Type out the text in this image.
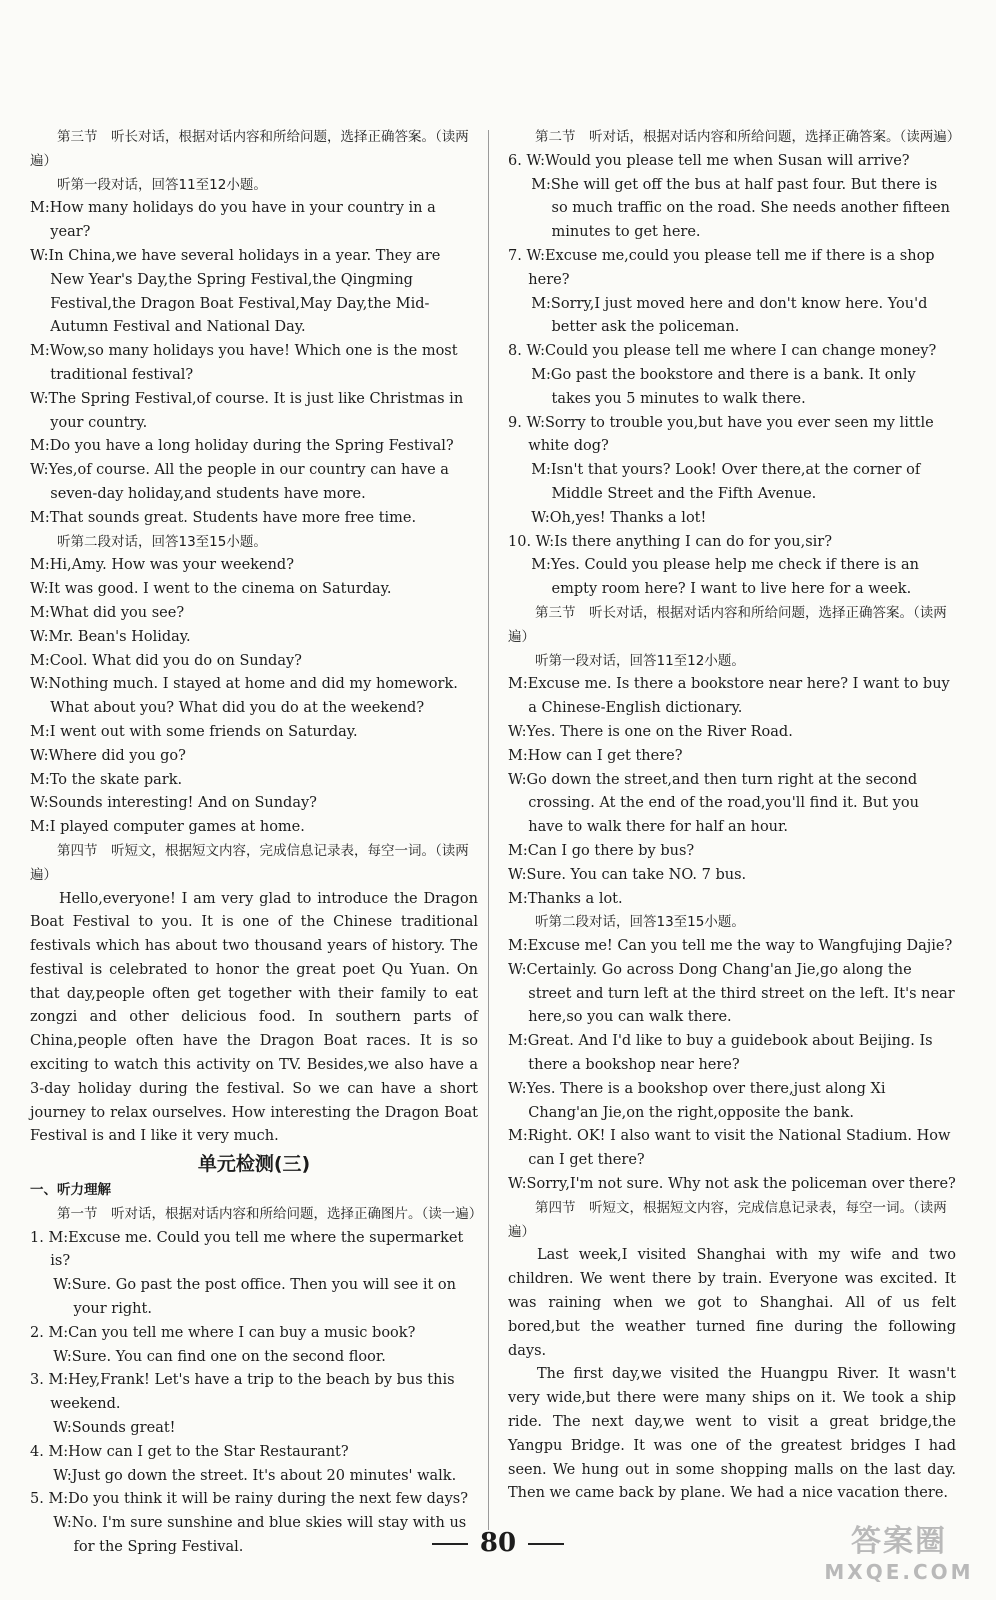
第三节　听长对话，根据对话内容和所给问题，选择正确答案。（读两遍）

听第一段对话，回答11至12小题。

M:How many holidays do you have in your country in a year?

W:In China,we have several holidays in a year. They are New Year's Day,the Spring Festival,the Qingming Festival,the Dragon Boat Festival,May Day,the Mid-Autumn Festival and National Day.

M:Wow,so many holidays you have! Which one is the most traditional festival?

W:The Spring Festival,of course. It is just like Christmas in your country.

M:Do you have a long holiday during the Spring Festival?

W:Yes,of course. All the people in our country can have a seven-day holiday,and students have more.

M:That sounds great. Students have more free time.

听第二段对话，回答13至15小题。

M:Hi,Amy. How was your weekend?

W:It was good. I went to the cinema on Saturday.

M:What did you see?

W:Mr. Bean's Holiday.

M:Cool. What did you do on Sunday?

W:Nothing much. I stayed at home and did my homework. What about you? What did you do at the weekend?

M:I went out with some friends on Saturday.

W:Where did you go?

M:To the skate park.

W:Sounds interesting! And on Sunday?

M:I played computer games at home.

第四节　听短文，根据短文内容，完成信息记录表，每空一词。（读两遍）

Hello,everyone! I am very glad to introduce the Dragon Boat Festival to you. It is one of the Chinese traditional festivals which has about two thousand years of history. The festival is celebrated to honor the great poet Qu Yuan. On that day,people often get together with their family to eat zongzi and other delicious food. In southern parts of China,people often have the Dragon Boat races. It is so exciting to watch this activity on TV. Besides,we also have a 3-day holiday during the festival. So we can have a short journey to relax ourselves. How interesting the Dragon Boat Festival is and I like it very much.

单元检测(三)

一、听力理解

第一节　听对话，根据对话内容和所给问题，选择正确图片。（读一遍）

1. M:Excuse me. Could you tell me where the supermarket is?

W:Sure. Go past the post office. Then you will see it on your right.

2. M:Can you tell me where I can buy a music book?

W:Sure. You can find one on the second floor.

3. M:Hey,Frank! Let's have a trip to the beach by bus this weekend.

W:Sounds great!

4. M:How can I get to the Star Restaurant?

W:Just go down the street. It's about 20 minutes' walk.

5. M:Do you think it will be rainy during the next few days?

W:No. I'm sure sunshine and blue skies will stay with us for the Spring Festival.

第二节　听对话，根据对话内容和所给问题，选择正确答案。（读两遍）

6. W:Would you please tell me when Susan will arrive?

M:She will get off the bus at half past four. But there is so much traffic on the road. She needs another fifteen minutes to get here.

7. W:Excuse me,could you please tell me if there is a shop here?

M:Sorry,I just moved here and don't know here. You'd better ask the policeman.

8. W:Could you please tell me where I can change money?

M:Go past the bookstore and there is a bank. It only takes you 5 minutes to walk there.

9. W:Sorry to trouble you,but have you ever seen my little white dog?

M:Isn't that yours? Look! Over there,at the corner of Middle Street and the Fifth Avenue.

W:Oh,yes! Thanks a lot!

10. W:Is there anything I can do for you,sir?

M:Yes. Could you please help me check if there is an empty room here? I want to live here for a week.

第三节　听长对话，根据对话内容和所给问题，选择正确答案。（读两遍）

听第一段对话，回答11至12小题。

M:Excuse me. Is there a bookstore near here? I want to buy a Chinese-English dictionary.

W:Yes. There is one on the River Road.

M:How can I get there?

W:Go down the street,and then turn right at the second crossing. At the end of the road,you'll find it. But you have to walk there for half an hour.

M:Can I go there by bus?

W:Sure. You can take NO. 7 bus.

M:Thanks a lot.

听第二段对话，回答13至15小题。

M:Excuse me! Can you tell me the way to Wangfujing Dajie?

W:Certainly. Go across Dong Chang'an Jie,go along the street and turn left at the third street on the left. It's near here,so you can walk there.

M:Great. And I'd like to buy a guidebook about Beijing. Is there a bookshop near here?

W:Yes. There is a bookshop over there,just along Xi Chang'an Jie,on the right,opposite the bank.

M:Right. OK! I also want to visit the National Stadium. How can I get there?

W:Sorry,I'm not sure. Why not ask the policeman over there?

第四节　听短文，根据短文内容，完成信息记录表，每空一词。（读两遍）

Last week,I visited Shanghai with my wife and two children. We went there by train. Everyone was excited. It was raining when we got to Shanghai. All of us felt bored,but the weather turned fine during the following days.

The first day,we visited the Huangpu River. It wasn't very wide,but there were many ships on it. We took a ship ride. The next day,we went to visit a great bridge,the Yangpu Bridge. It was one of the greatest bridges I had seen. We hung out in some shopping malls on the last day. Then we came back by plane. We had a nice vacation there.

80	答案圈
MXQE.COM
